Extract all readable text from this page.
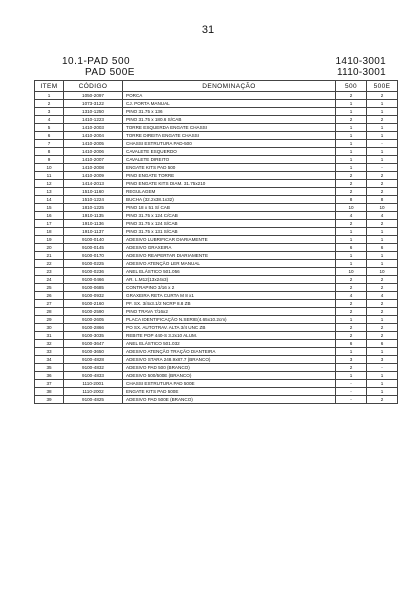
31
10.1-PAD 500
PAD 500E
1410-3001
1110-3001
ITEM	CÓDIGO	DENOMINAÇÃO	500	500E
1	1050-2097	PORCA	2	2
2	1073-3122	CJ. PORTA MANUAL	1	1
3	1310-1250	PINO 31.75 x 136	1	1
4	1410-1223	PINO 31.75 x 180.6 S/CAB	2	2
5	1410-2003	TORRE ESQUERDA ENGATE CHASSI	1	1
6	1410-2004	TORRE DIREITA ENGATE CHASSI	1	1
7	1410-2005	CHASSI ESTRUTURA PAD-500	1	-
8	1410-2006	CAVALETE ESQUERDO	1	1
9	1410-2007	CAVALETE DIREITO	1	1
10	1410-2008	ENGATE KITS PAD 500	1	-
11	1410-2009	PINO ENGATE TORRE	2	2
12	1414-2013	PINO ENGATE KITS DIAM. 31.75x210	2	2
13	1510-1160	REGULAGEM	2	2
14	1510-1224	BUCHA (32.2x38.1x32)	8	8
15	1810-1225	PINO 18 x 51 S/ CAB	10	10
16	1910-1135	PINO 31.75 x 124 C/CAB	4	4
17	1910-1136	PINO 31.75 x 124 S/CAB	2	2
18	1910-1137	PINO 31.75 x 131 S/CAB	1	1
19	9100-0140	ADESIVO LUBRIFICAR DIARIAMENTE	1	1
20	9100-0145	ADESIVO GRAXEIRA	6	6
21	9100-0170	ADESIVO REAPERTAR DIARIAMENTE	1	1
22	9100-0225	ADESIVO ATENÇÃO LER MANUAL	1	1
23	9100-0236	ANEL ELÁSTICO 501.056	10	10
24	9100-0466	AR. L.M12(13x24x3)	2	2
25	9100-0685	CONTRAPINO 3/16 x 2	2	2
26	9100-0932	GRAXEIRA RETA CURTA M 8 x1	4	4
27	9100-2160	PF. SX. 3/4x3.1/2 NCRP 8.8 ZB	2	2
28	9100-2590	PINO TRAVA 7/16x2	2	2
29	9100-2605	PLACA IDENTIFICAÇÃO N.SERIE(4.65x10.2cm)	1	1
30	9100-2866	PO SX. AUTOTRAV. ALTA 3/4 UNC ZB	2	2
31	9100-3035	REBITE POP 440-S 3.2x10 ALUM.	2	2
32	9100-3647	ANEL ELÁSTICO 501.032	6	6
33	9100-3650	ADESIVO ATENÇÃO TRAÇÃO DIANTEIRA	1	1
34	9100-4828	ADESIVO STARA 248.9x87.7 (BRANCO)	3	3
35	9100-4832	ADESIVO PAD 500 (BRANCO)	2	-
36	9100-4833	ADESIVO 500/500E (BRANCO)	1	1
37	1110-2001	CHASSI ESTRUTURA PAD 500E	-	1
38	1110-2002	ENGATE KITS PAD 500E	-	1
39	9100-4825	ADESIVO PAD 500E (BRANCO)	-	2
